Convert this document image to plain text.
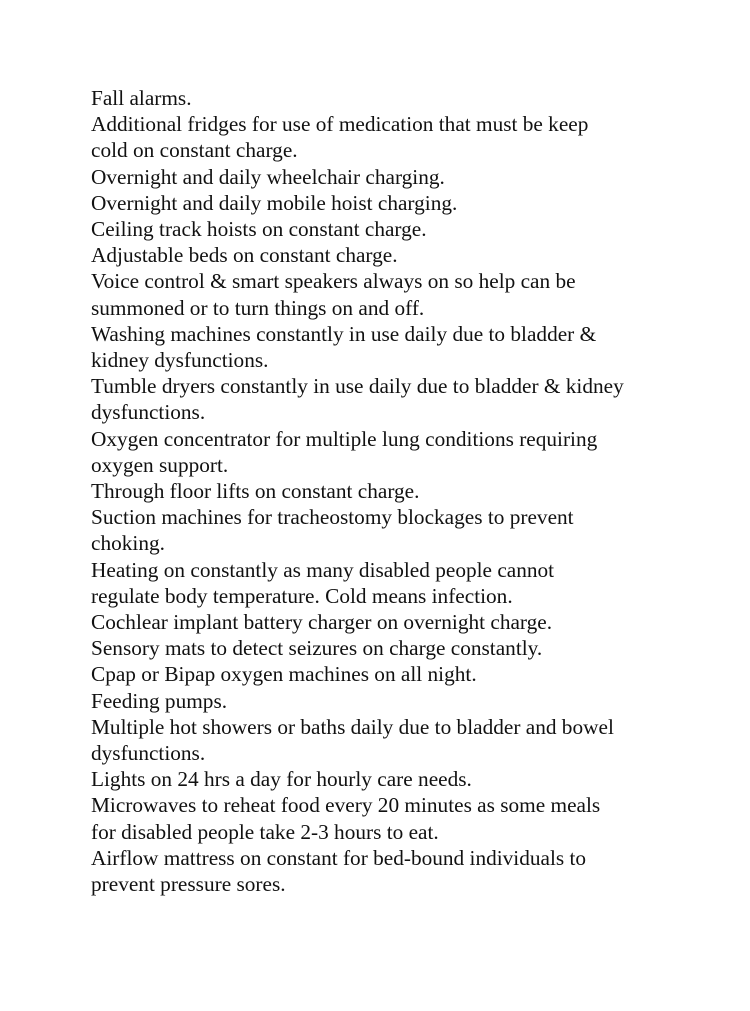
Fall alarms.
Additional fridges for use of medication that must be keep
cold on constant charge.
Overnight and daily wheelchair charging.
Overnight and daily mobile hoist charging.
Ceiling track hoists on constant charge.
Adjustable beds on constant charge.
Voice control & smart speakers always on so help can be
summoned or to turn things on and off.
Washing machines constantly in use daily due to bladder &
kidney dysfunctions.
Tumble dryers constantly in use daily due to bladder & kidney
dysfunctions.
Oxygen concentrator for multiple lung conditions requiring
oxygen support.
Through floor lifts on constant charge.
Suction machines for tracheostomy blockages to prevent
choking.
Heating on constantly as many disabled people cannot
regulate body temperature. Cold means infection.
Cochlear implant battery charger on overnight charge.
Sensory mats to detect seizures on charge constantly.
Cpap or Bipap oxygen machines on all night.
Feeding pumps.
Multiple hot showers or baths daily due to bladder and bowel
dysfunctions.
Lights on 24 hrs a day for hourly care needs.
Microwaves to reheat food every 20 minutes as some meals
for disabled people take 2-3 hours to eat.
Airflow mattress on constant for bed-bound individuals to
prevent pressure sores.
